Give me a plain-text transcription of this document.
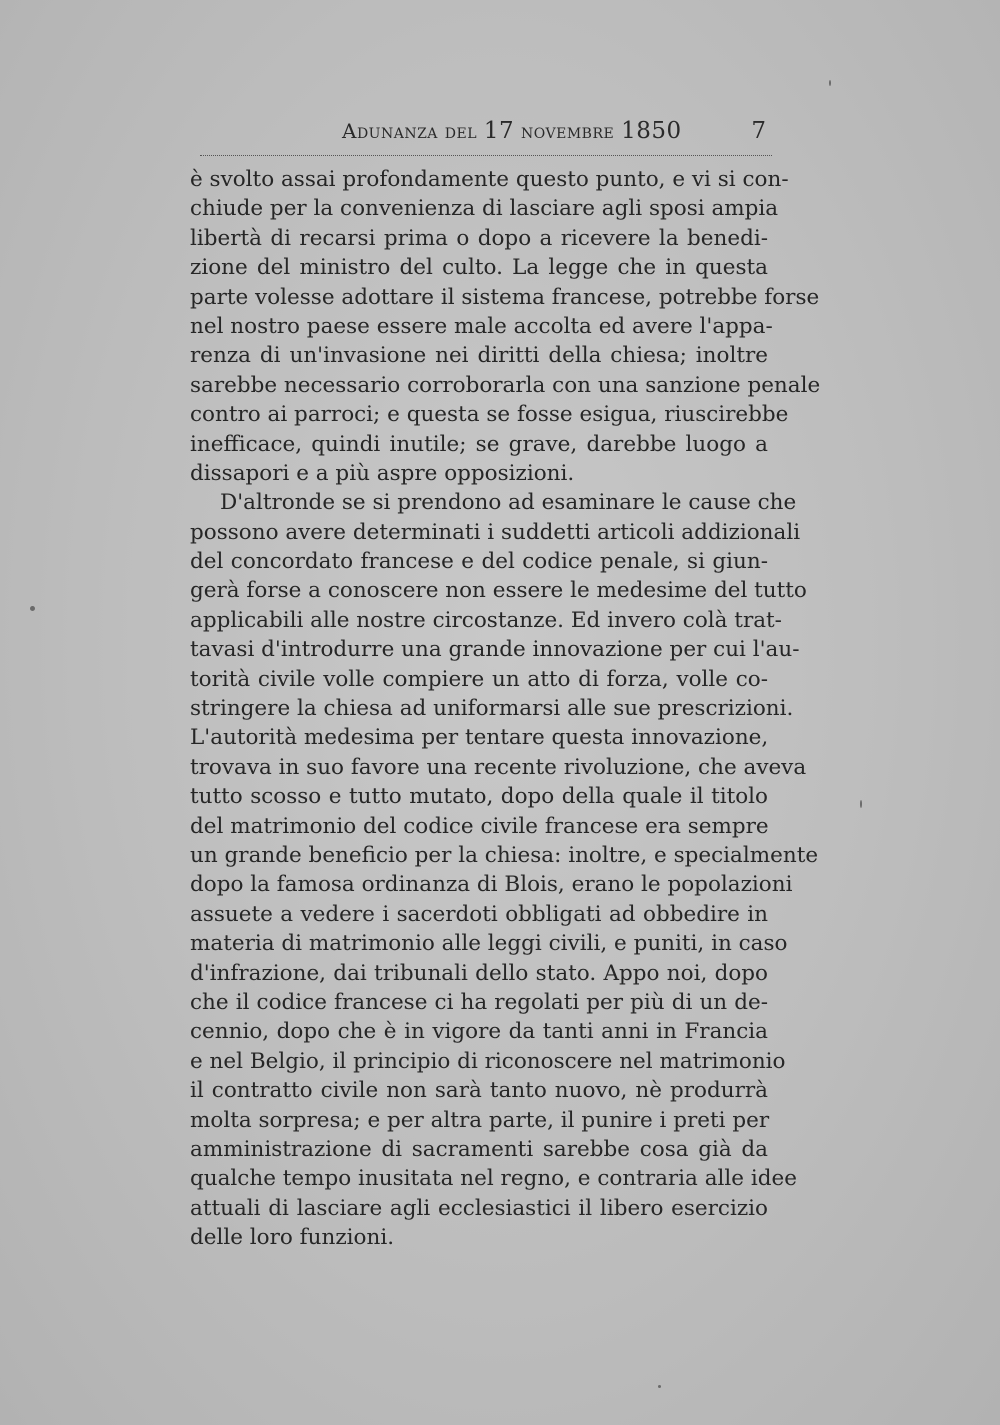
Adunanza del 17 novembre 1850	7
è svolto assai profondamente questo punto, e vi si con-
chiude per la convenienza di lasciare agli sposi ampia
libertà di recarsi prima o dopo a ricevere la benedi-
zione del ministro del culto. La legge che in questa
parte volesse adottare il sistema francese, potrebbe forse
nel nostro paese essere male accolta ed avere l'appa-
renza di un'invasione nei diritti della chiesa; inoltre
sarebbe necessario corroborarla con una sanzione penale
contro ai parroci; e questa se fosse esigua, riuscirebbe
inefficace, quindi inutile; se grave, darebbe luogo a
dissapori e a più aspre opposizioni.
D'altronde se si prendono ad esaminare le cause che
possono avere determinati i suddetti articoli addizionali
del concordato francese e del codice penale, si giun-
gerà forse a conoscere non essere le medesime del tutto
applicabili alle nostre circostanze. Ed invero colà trat-
tavasi d'introdurre una grande innovazione per cui l'au-
torità civile volle compiere un atto di forza, volle co-
stringere la chiesa ad uniformarsi alle sue prescrizioni.
L'autorità medesima per tentare questa innovazione,
trovava in suo favore una recente rivoluzione, che aveva
tutto scosso e tutto mutato, dopo della quale il titolo
del matrimonio del codice civile francese era sempre
un grande beneficio per la chiesa: inoltre, e specialmente
dopo la famosa ordinanza di Blois, erano le popolazioni
assuete a vedere i sacerdoti obbligati ad obbedire in
materia di matrimonio alle leggi civili, e puniti, in caso
d'infrazione, dai tribunali dello stato. Appo noi, dopo
che il codice francese ci ha regolati per più di un de-
cennio, dopo che è in vigore da tanti anni in Francia
e nel Belgio, il principio di riconoscere nel matrimonio
il contratto civile non sarà tanto nuovo, nè produrrà
molta sorpresa; e per altra parte, il punire i preti per
amministrazione di sacramenti sarebbe cosa già da
qualche tempo inusitata nel regno, e contraria alle idee
attuali di lasciare agli ecclesiastici il libero esercizio
delle loro funzioni.
